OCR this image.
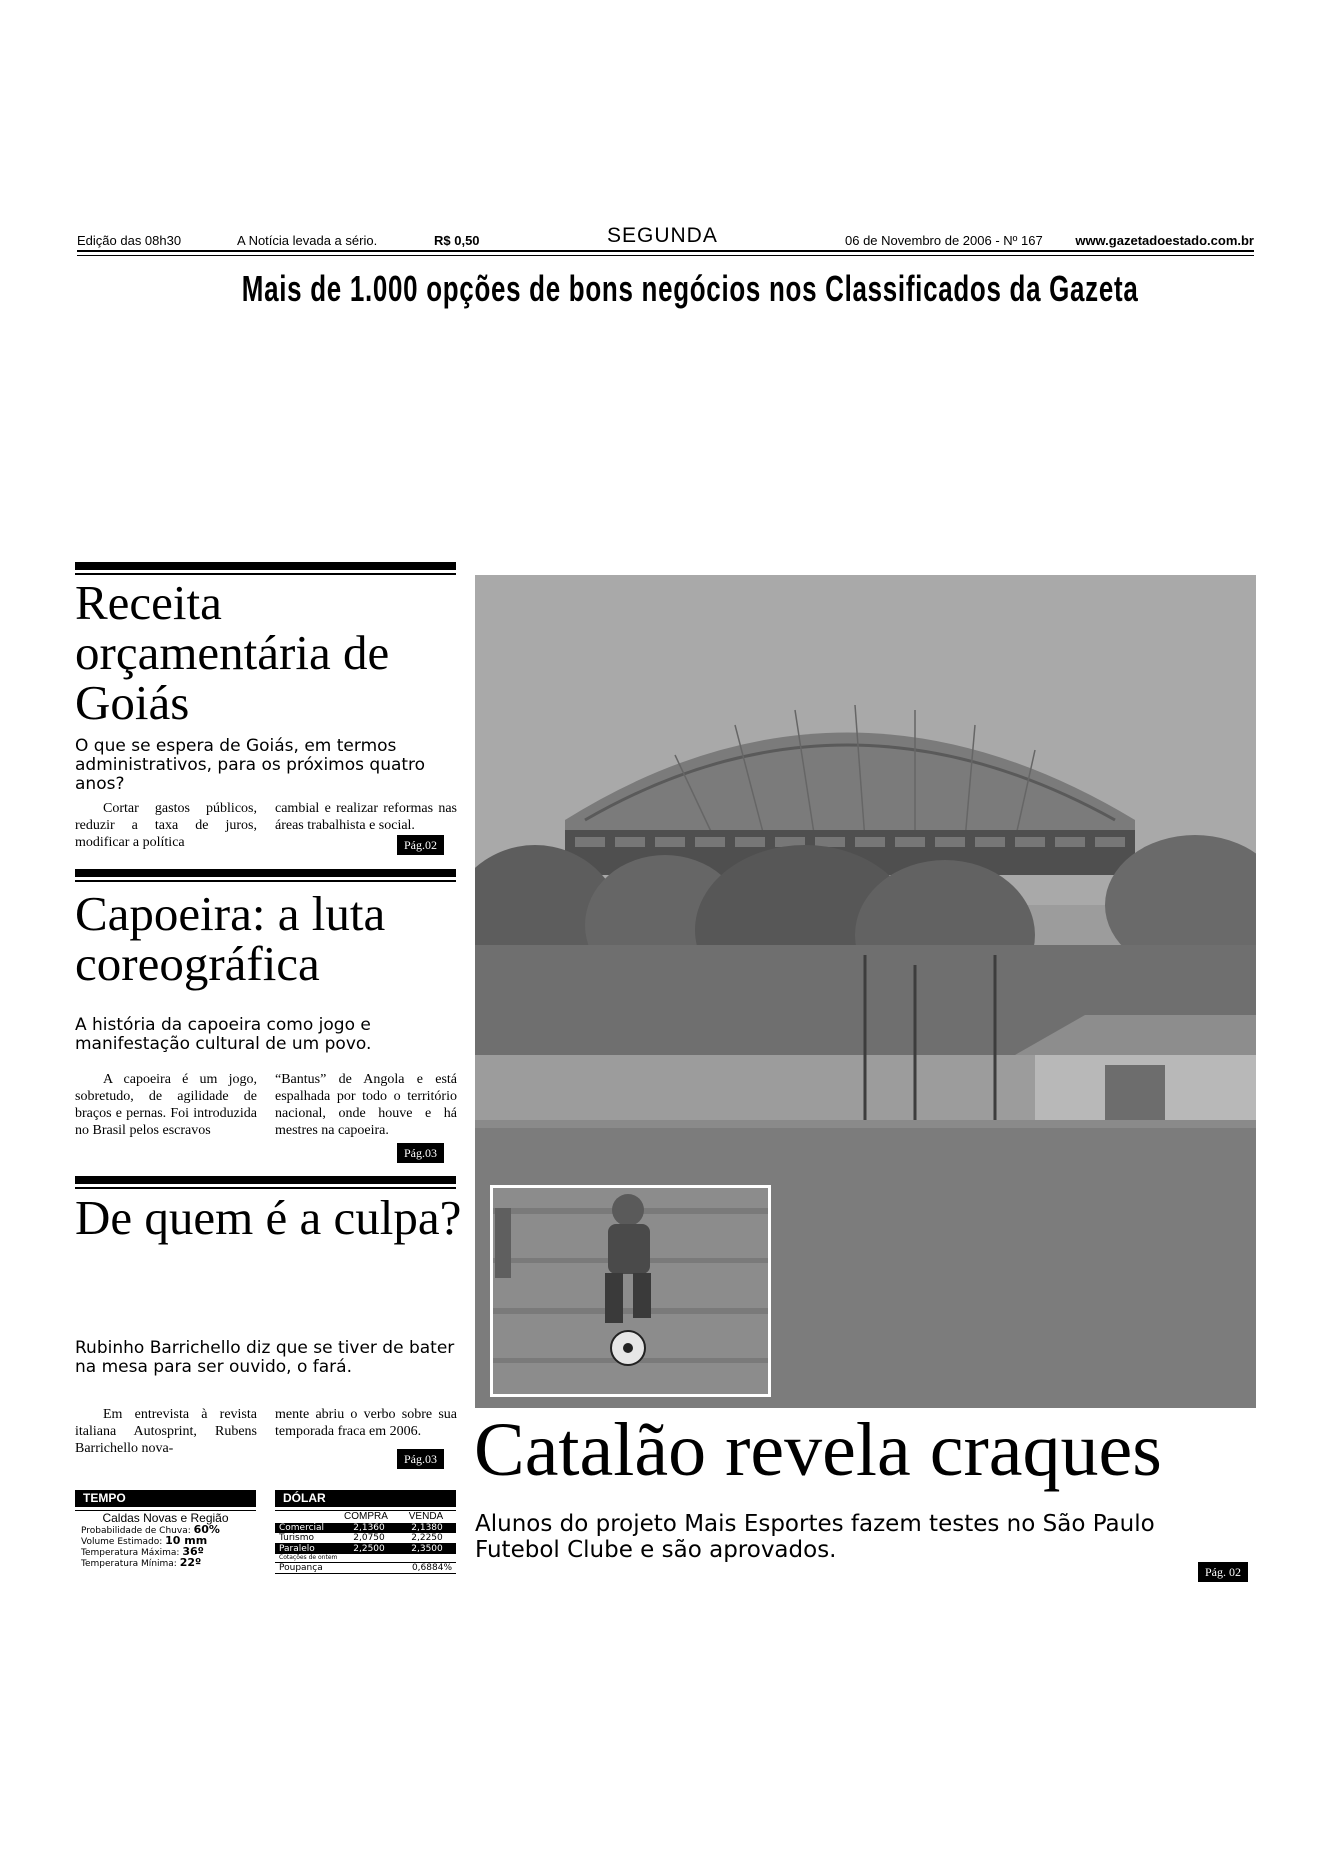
Edição das 08h30	A Notícia levada a sério.	R$ 0,50	SEGUNDA	06 de Novembro de 2006 - Nº 167	www.gazetadoestado.com.br
Mais de 1.000 opções de bons negócios nos Classificados da Gazeta
Receita orçamentária de Goiás
O que se espera de Goiás, em termos administrativos, para os próximos quatro anos?
Cortar gastos públicos, reduzir a taxa de juros, modificar a política
cambial e realizar reformas nas áreas trabalhista e social.
Pág.02
Capoeira: a luta coreográfica
A história da capoeira como jogo e manifestação cultural de um povo.
A capoeira é um jogo, sobretudo, de agilidade de braços e pernas. Foi introduzida no Brasil pelos escravos
“Bantus” de Angola e está espalhada por todo o território nacional, onde houve e há mestres na capoeira.
Pág.03
De quem é a culpa?
Rubinho Barrichello diz que se tiver de bater na mesa para ser ouvido, o fará.
Em entrevista à revista italiana Autosprint, Rubens Barrichello nova-
mente abriu o verbo sobre sua temporada fraca em 2006.
Pág.03 Catalão revela craques
Alunos do projeto Mais Esportes fazem testes no São Paulo Futebol Clube e são aprovados.
Pág. 02
TEMPO
Caldas Novas e Região
Probabilidade de Chuva: 60%
Volume Estimado: 10 mm
Temperatura Máxima: 36º
Temperatura Mínima: 22º
DÓLAR
COMPRA	VENDA
Comercial	2,1360	2,1380
Turismo	2,0750	2,2250
Paralelo	2,2500	2,3500
Cotações de ontem
Poupança	0,6884%
